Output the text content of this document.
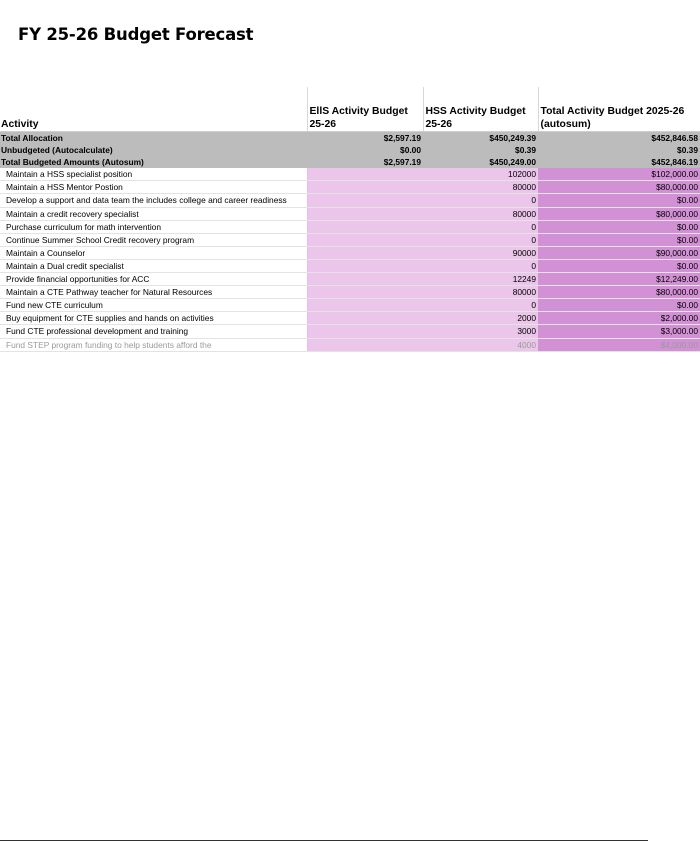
FY 25-26 Budget Forecast
Activity	EllS Activity Budget 25-26	HSS Activity Budget 25-26	Total Activity Budget 2025-26 (autosum)
Total Allocation	$2,597.19	$450,249.39	$452,846.58
Unbudgeted (Autocalculate)	$0.00	$0.39	$0.39
Total Budgeted Amounts (Autosum)	$2,597.19	$450,249.00	$452,846.19
Maintain a HSS specialist position		102000	$102,000.00
Maintain a HSS Mentor Postion		80000	$80,000.00
Develop a support and data team the includes college and career readiness		0	$0.00
Maintain a credit recovery specialist		80000	$80,000.00
Purchase curriculum for math intervention		0	$0.00
Continue Summer School Credit recovery program		0	$0.00
Maintain a Counselor		90000	$90,000.00
Maintain a Dual credit specialist		0	$0.00
Provide financial opportunities for ACC		12249	$12,249.00
Maintain a CTE Pathway teacher for Natural Resources		80000	$80,000.00
Fund new CTE curriculum		0	$0.00
Buy equipment for CTE supplies and hands on activities		2000	$2,000.00
Fund CTE professional development and training		3000	$3,000.00
Fund STEP program funding to help students afford the		4000	$4,000.00
